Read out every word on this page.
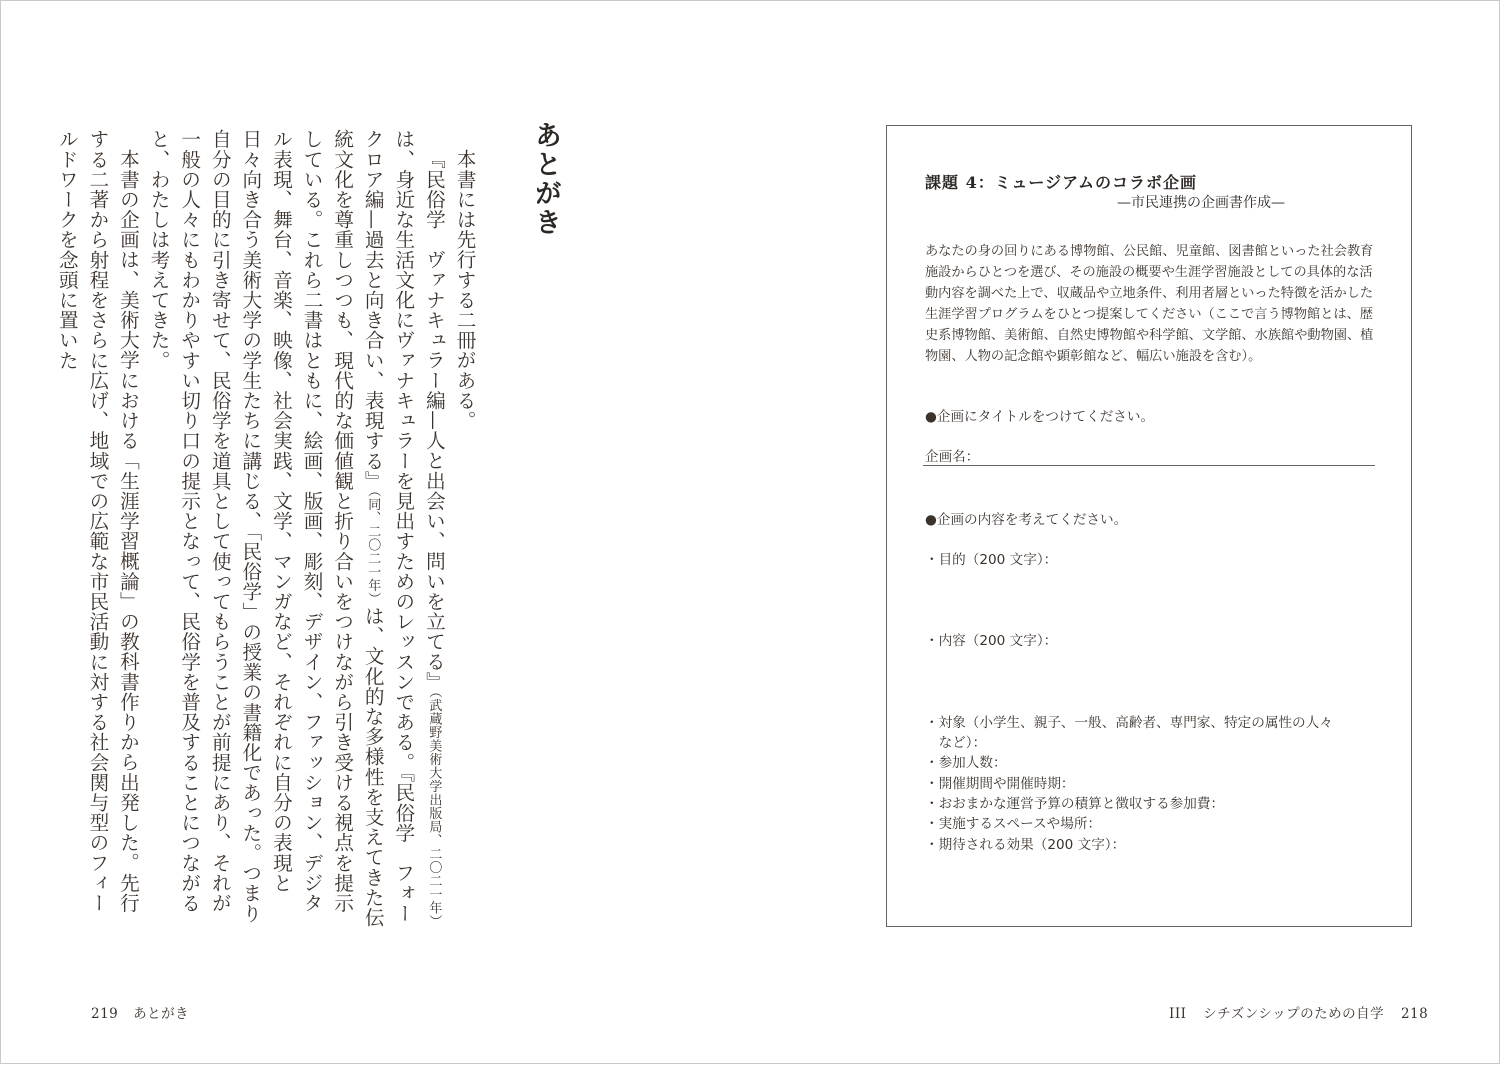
あとがき

本書には先行する二冊がある。

『民俗学　ヴァナキュラー編—人と出会い、問いを立てる』（武蔵野美術大学出版局、二〇二一年）は、身近な生活文化にヴァナキュラーを見出すためのレッスンである。『民俗学　フォークロア編—過去と向き合い、表現する』（同、二〇二一年）は、文化的な多様性を支えてきた伝統文化を尊重しつつも、現代的な価値観と折り合いをつけながら引き受ける視点を提示している。これら二書はともに、絵画、版画、彫刻、デザイン、ファッション、デジタル表現、舞台、音楽、映像、社会実践、文学、マンガなど、それぞれに自分の表現と日々向き合う美術大学の学生たちに講じる、「民俗学」の授業の書籍化であった。つまり自分の目的に引き寄せて、民俗学を道具として使ってもらうことが前提にあり、それが一般の人々にもわかりやすい切り口の提示となって、民俗学を普及することにつながると、わたしは考えてきた。

本書の企画は、美術大学における「生涯学習概論」の教科書作りから出発した。先行する二著から射程をさらに広げ、地域での広範な市民活動に対する社会関与型のフィールドワークを念頭に置いた	課題 4：ミュージアムのコラボ企画
—市民連携の企画書作成—

あなたの身の回りにある博物館、公民館、児童館、図書館といった社会教育施設からひとつを選び、その施設の概要や生涯学習施設としての具体的な活動内容を調べた上で、収蔵品や立地条件、利用者層といった特徴を活かした生涯学習プログラムをひとつ提案してください（ここで言う博物館とは、歴史系博物館、美術館、自然史博物館や科学館、文学館、水族館や動物園、植物園、人物の記念館や顕彰館など、幅広い施設を含む）。

●企画にタイトルをつけてください。
企画名：
●企画の内容を考えてください。
・目的（200 文字）：
・内容（200 文字）：
・対象（小学生、親子、一般、高齢者、専門家、特定の属性の人々
　など）：
・参加人数：
・開催期間や開催時期：
・おおまかな運営予算の積算と徴収する参加費：
・実施するスペースや場所：
・期待される効果（200 文字）：
219 あとがき	III シチズンシップのための自学 218
